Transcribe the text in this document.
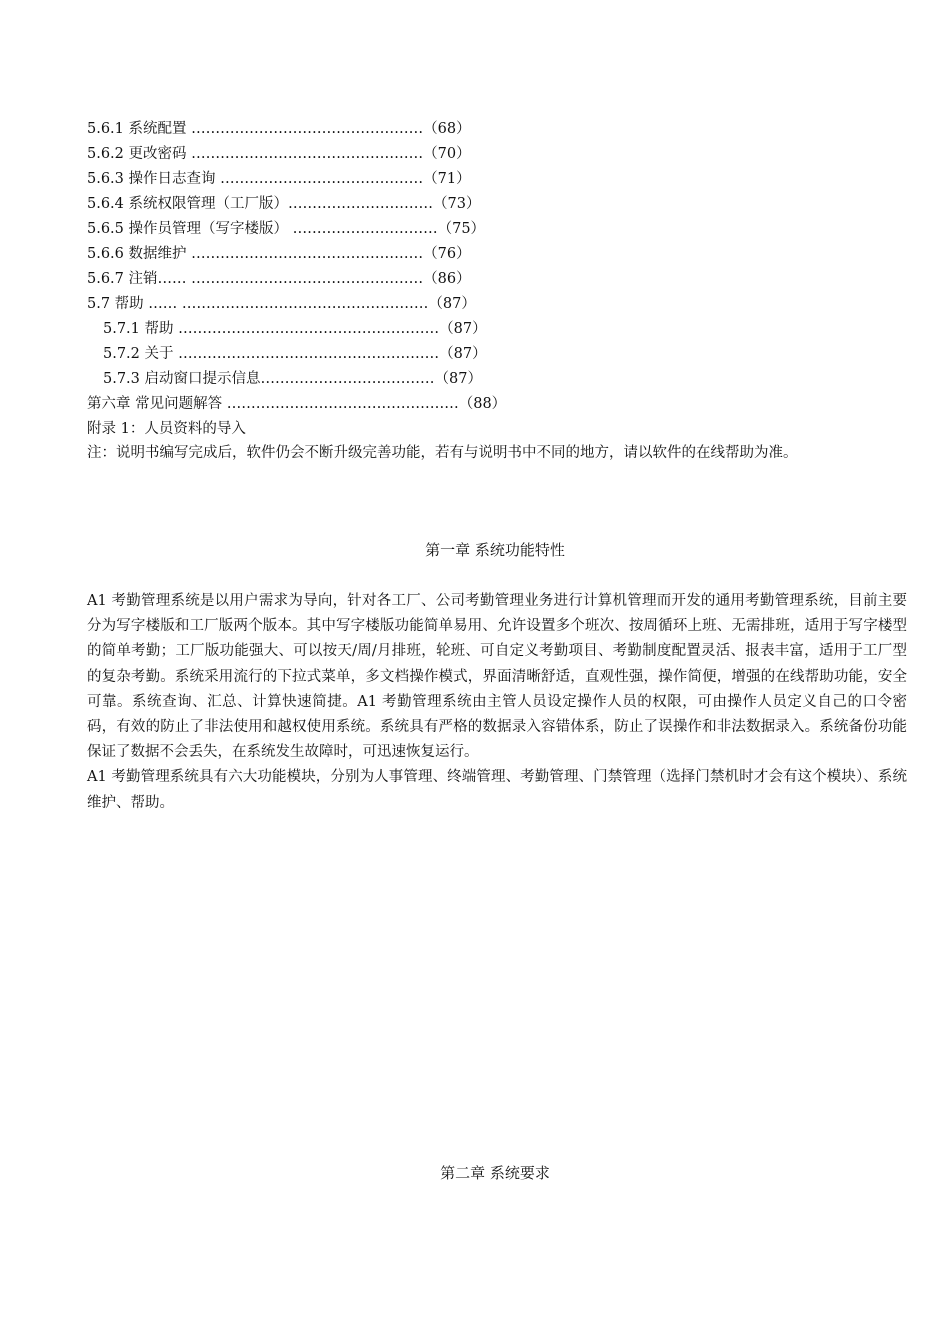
5.6.1 系统配置 …………………………………………（68）
5.6.2 更改密码 …………………………………………（70）
5.6.3 操作日志查询 ……………………………………（71）
5.6.4 系统权限管理（工厂版）…………………………（73）
5.6.5 操作员管理（写字楼版） …………………………（75）
5.6.6 数据维护 …………………………………………（76）
5.6.7 注销…… …………………………………………（86）
5.7 帮助 …… ……………………………………………（87）
5.7.1 帮助 ………………………………………………（87）
5.7.2 关于 ………………………………………………（87）
5.7.3 启动窗口提示信息………………………………（87）
第六章 常见问题解答 …………………………………………（88）
附录 1：人员资料的导入
注：说明书编写完成后，软件仍会不断升级完善功能，若有与说明书中不同的地方，请以软件的在线帮助为准。
第一章 系统功能特性

A1 考勤管理系统是以用户需求为导向，针对各工厂、公司考勤管理业务进行计算机管理而开发的通用考勤管理系统，目前主要分为写字楼版和工厂版两个版本。其中写字楼版功能简单易用、允许设置多个班次、按周循环上班、无需排班，适用于写字楼型的简单考勤；工厂版功能强大、可以按天/周/月排班，轮班、可自定义考勤项目、考勤制度配置灵活、报表丰富，适用于工厂型的复杂考勤。系统采用流行的下拉式菜单，多文档操作模式，界面清晰舒适，直观性强，操作简便，增强的在线帮助功能，安全可靠。系统查询、汇总、计算快速简捷。A1 考勤管理系统由主管人员设定操作人员的权限，可由操作人员定义自己的口令密码，有效的防止了非法使用和越权使用系统。系统具有严格的数据录入容错体系，防止了误操作和非法数据录入。系统备份功能保证了数据不会丢失，在系统发生故障时，可迅速恢复运行。

A1 考勤管理系统具有六大功能模块，分别为人事管理、终端管理、考勤管理、门禁管理（选择门禁机时才会有这个模块）、系统维护、帮助。

第二章 系统要求
